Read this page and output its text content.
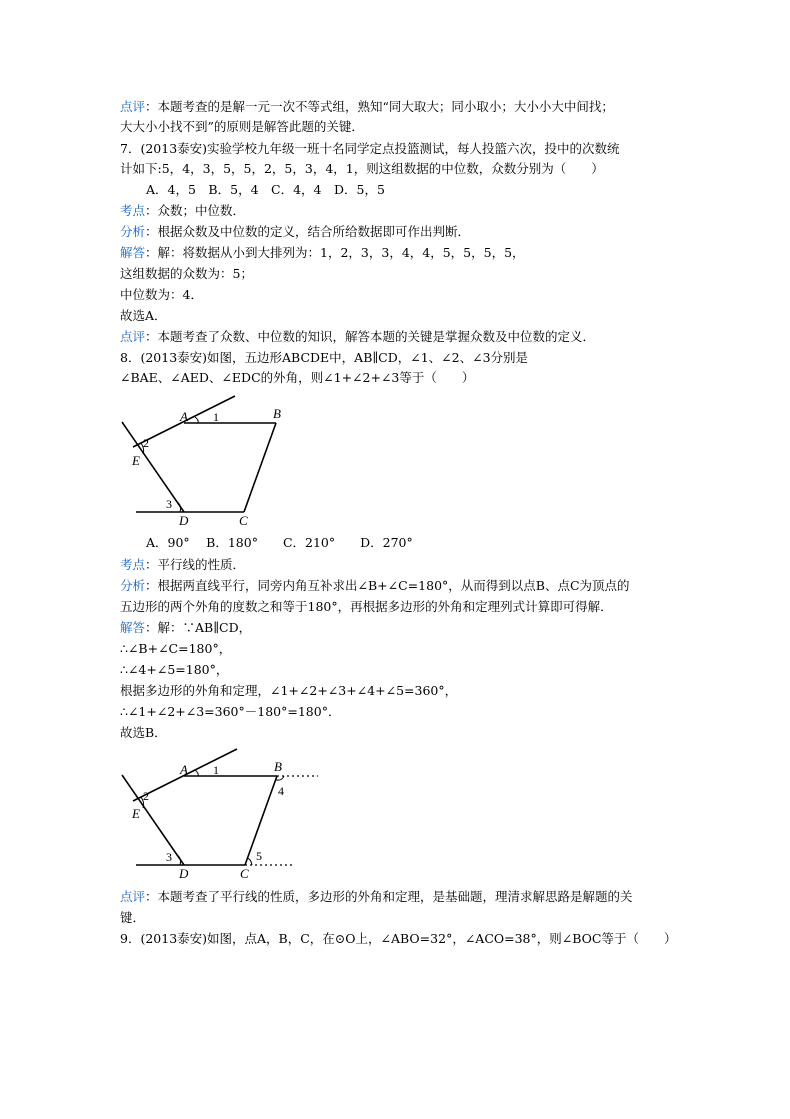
点评：本题考查的是解一元一次不等式组，熟知“同大取大；同小取小；大小小大中间找；
大大小小找不到”的原则是解答此题的关键．
7．(2013泰安)实验学校九年级一班十名同学定点投篮测试，每人投篮六次，投中的次数统
计如下:5，4，3，5，5，2，5，3，4，1，则这组数据的中位数，众数分别为（　　）
A．4，5　B．5，4　C．4，4　D．5，5
考点：众数；中位数．
分析：根据众数及中位数的定义，结合所给数据即可作出判断．
解答：解：将数据从小到大排列为：1，2，3，3，4，4，5，5，5，5，
这组数据的众数为：5；
中位数为：4．
故选A．
点评：本题考查了众数、中位数的知识，解答本题的关键是掌握众数及中位数的定义．
8．(2013泰安)如图，五边形ABCDE中，AB∥CD，∠1、∠2、∠3分别是
∠BAE、∠AED、∠EDC的外角，则∠1+∠2+∠3等于（　　）
A	B
C
D
E
1
2
3
A．90°　 B．180°　　C．210°　　D．270°
考点：平行线的性质．
分析：根据两直线平行，同旁内角互补求出∠B+∠C=180°，从而得到以点B、点C为顶点的
五边形的两个外角的度数之和等于180°，再根据多边形的外角和定理列式计算即可得解．
解答：解：∵AB∥CD，
∴∠B+∠C=180°，
∴∠4+∠5=180°，
根据多边形的外角和定理，∠1+∠2+∠3+∠4+∠5=360°，
∴∠1+∠2+∠3=360°－180°=180°．
故选B．
A	B
C
D
E
1
2
3
4
5
点评：本题考查了平行线的性质，多边形的外角和定理，是基础题，理清求解思路是解题的关
键．
9．(2013泰安)如图，点A，B，C，在⊙O上，∠ABO=32°，∠ACO=38°，则∠BOC等于（　　）
